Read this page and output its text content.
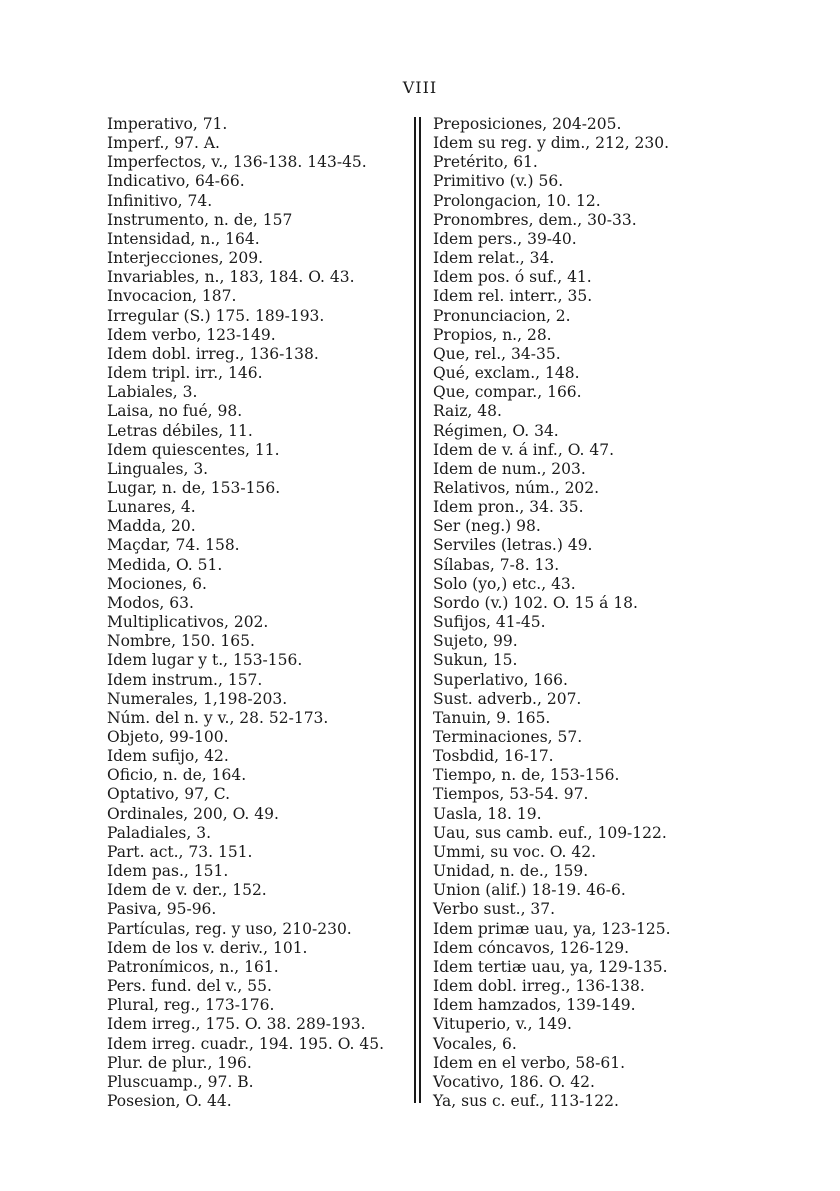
VIII
Imperativo, 71.
Imperf., 97. A.
Imperfectos, v., 136-138. 143-45.
Indicativo, 64-66.
Infinitivo, 74.
Instrumento, n. de, 157
Intensidad, n., 164.
Interjecciones, 209.
Invariables, n., 183, 184. O. 43.
Invocacion, 187.
Irregular (S.) 175. 189-193.
Idem verbo, 123-149.
Idem dobl. irreg., 136-138.
Idem tripl. irr., 146.
Labiales, 3.
Laisa, no fué, 98.
Letras débiles, 11.
Idem quiescentes, 11.
Linguales, 3.
Lugar, n. de, 153-156.
Lunares, 4.
Madda, 20.
Maçdar, 74. 158.
Medida, O. 51.
Mociones, 6.
Modos, 63.
Multiplicativos, 202.
Nombre, 150. 165.
Idem lugar y t., 153-156.
Idem instrum., 157.
Numerales, 1,198-203.
Núm. del n. y v., 28. 52-173.
Objeto, 99-100.
Idem sufijo, 42.
Oficio, n. de, 164.
Optativo, 97, C.
Ordinales, 200, O. 49.
Paladiales, 3.
Part. act., 73. 151.
Idem pas., 151.
Idem de v. der., 152.
Pasiva, 95-96.
Partículas, reg. y uso, 210-230.
Idem de los v. deriv., 101.
Patronímicos, n., 161.
Pers. fund. del v., 55.
Plural, reg., 173-176.
Idem irreg., 175. O. 38. 289-193.
Idem irreg. cuadr., 194. 195. O. 45.
Plur. de plur., 196.
Pluscuamp., 97. B.
Posesion, O. 44.
Preposiciones, 204-205.
Idem su reg. y dim., 212, 230.
Pretérito, 61.
Primitivo (v.) 56.
Prolongacion, 10. 12.
Pronombres, dem., 30-33.
Idem pers., 39-40.
Idem relat., 34.
Idem pos. ó suf., 41.
Idem rel. interr., 35.
Pronunciacion, 2.
Propios, n., 28.
Que, rel., 34-35.
Qué, exclam., 148.
Que, compar., 166.
Raiz, 48.
Régimen, O. 34.
Idem de v. á inf., O. 47.
Idem de num., 203.
Relativos, núm., 202.
Idem pron., 34. 35.
Ser (neg.) 98.
Serviles (letras.) 49.
Sílabas, 7-8. 13.
Solo (yo,) etc., 43.
Sordo (v.) 102. O. 15 á 18.
Sufijos, 41-45.
Sujeto, 99.
Sukun, 15.
Superlativo, 166.
Sust. adverb., 207.
Tanuin, 9. 165.
Terminaciones, 57.
Tosbdid, 16-17.
Tiempo, n. de, 153-156.
Tiempos, 53-54. 97.
Uasla, 18. 19.
Uau, sus camb. euf., 109-122.
Ummi, su voc. O. 42.
Unidad, n. de., 159.
Union (alif.) 18-19. 46-6.
Verbo sust., 37.
Idem primæ uau, ya, 123-125.
Idem cóncavos, 126-129.
Idem tertiæ uau, ya, 129-135.
Idem dobl. irreg., 136-138.
Idem hamzados, 139-149.
Vituperio, v., 149.
Vocales, 6.
Idem en el verbo, 58-61.
Vocativo, 186. O. 42.
Ya, sus c. euf., 113-122.
